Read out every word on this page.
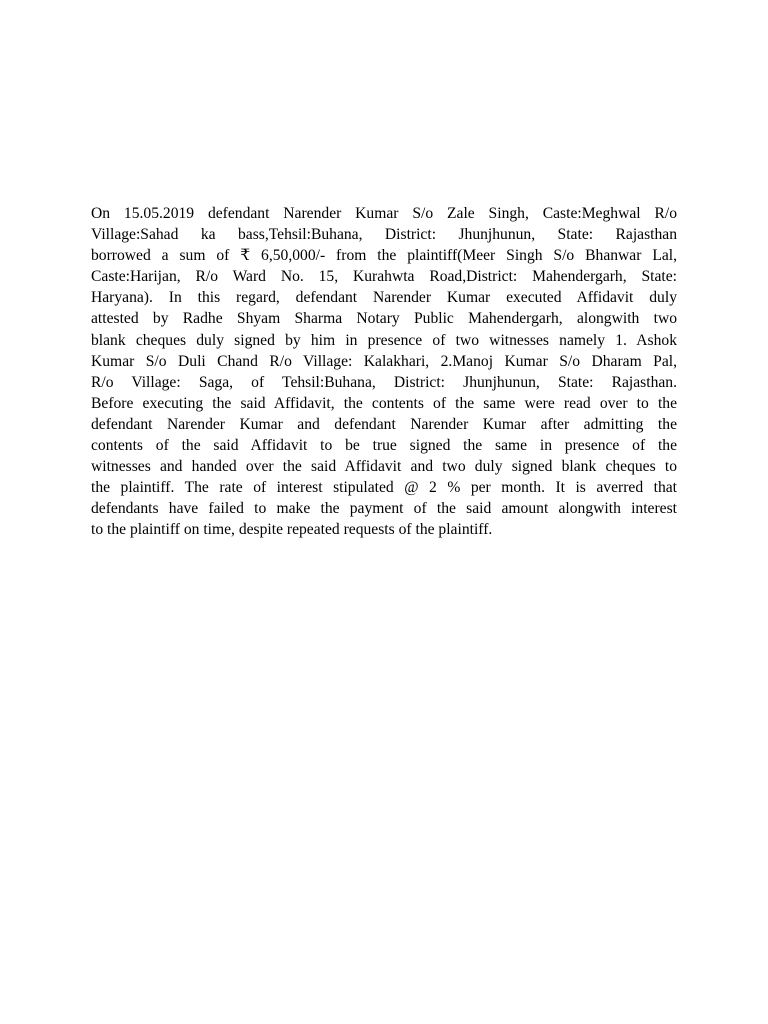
On 15.05.2019 defendant Narender Kumar S/o Zale Singh, Caste:Meghwal R/o
Village:Sahad ka bass,Tehsil:Buhana, District: Jhunjhunun, State: Rajasthan
borrowed a sum of ₹ 6,50,000/- from the plaintiff(Meer Singh S/o Bhanwar Lal,
Caste:Harijan, R/o Ward No. 15, Kurahwta Road,District: Mahendergarh, State:
Haryana). In this regard, defendant Narender Kumar executed Affidavit duly
attested by Radhe Shyam Sharma Notary Public Mahendergarh, alongwith two
blank cheques duly signed by him in presence of two witnesses namely 1. Ashok
Kumar S/o Duli Chand R/o Village: Kalakhari, 2.Manoj Kumar S/o Dharam Pal,
R/o Village: Saga, of Tehsil:Buhana, District: Jhunjhunun, State: Rajasthan.
Before executing the said Affidavit, the contents of the same were read over to the
defendant Narender Kumar and defendant Narender Kumar after admitting the
contents of the said Affidavit to be true signed the same in presence of the
witnesses and handed over the said Affidavit and two duly signed blank cheques to
the plaintiff. The rate of interest stipulated @ 2 % per month. It is averred that
defendants have failed to make the payment of the said amount alongwith interest
to the plaintiff on time, despite repeated requests of the plaintiff.
